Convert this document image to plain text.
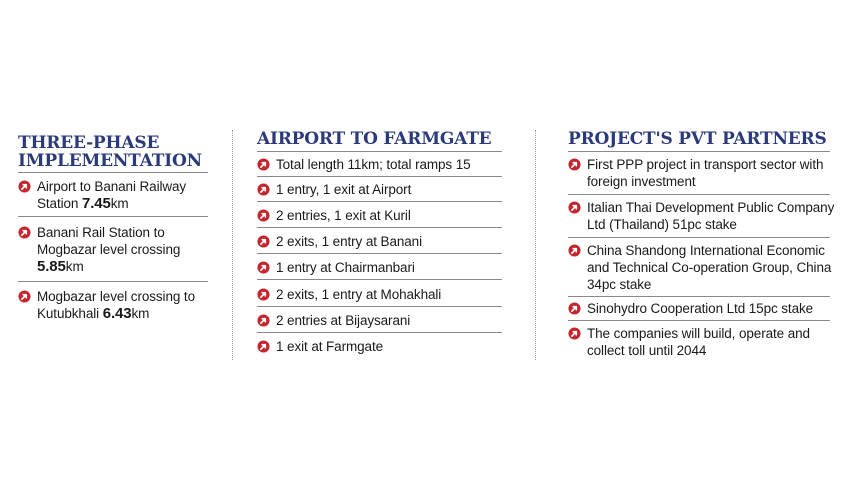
THREE-PHASE
IMPLEMENTATION
Airport to Banani Railway
Station 7.45km
Banani Rail Station to
Mogbazar level crossing
5.85km
Mogbazar level crossing to
Kutubkhali 6.43km
AIRPORT TO FARMGATE
Total length 11km; total ramps 15
1 entry, 1 exit at Airport
2 entries, 1 exit at Kuril
2 exits, 1 entry at Banani
1 entry at Chairmanbari
2 exits, 1 entry at Mohakhali
2 entries at Bijaysarani
1 exit at Farmgate
PROJECT'S PVT PARTNERS
First PPP project in transport sector with
foreign investment
Italian Thai Development Public Company
Ltd (Thailand) 51pc stake
China Shandong International Economic
and Technical Co-operation Group, China
34pc stake
Sinohydro Cooperation Ltd 15pc stake
The companies will build, operate and
collect toll until 2044
